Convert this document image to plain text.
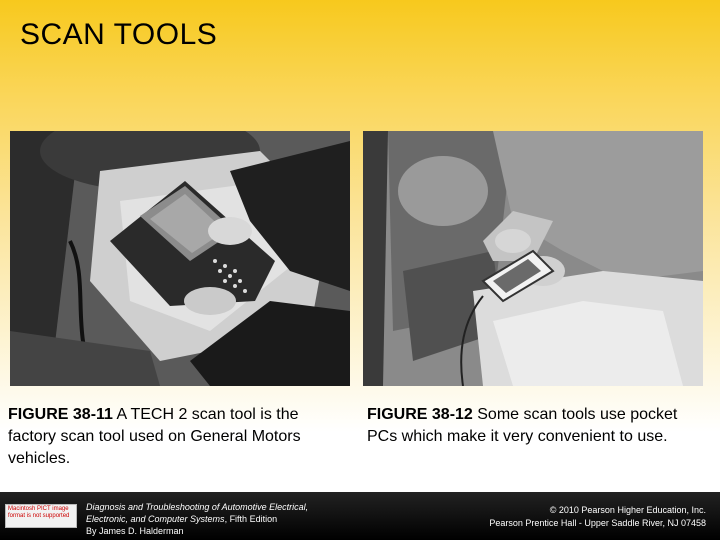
SCAN TOOLS
FIGURE 38-11 A TECH 2 scan tool is the factory scan tool used on General Motors vehicles.
FIGURE 38-12 Some scan tools use pocket PCs which make it very convenient to use.
Macintosh PICT image format is not supported
Diagnosis and Troubleshooting of Automotive Electrical,
Electronic, and Computer Systems, Fifth Edition
By James D. Halderman
© 2010 Pearson Higher Education, Inc.
Pearson Prentice Hall - Upper Saddle River, NJ 07458
